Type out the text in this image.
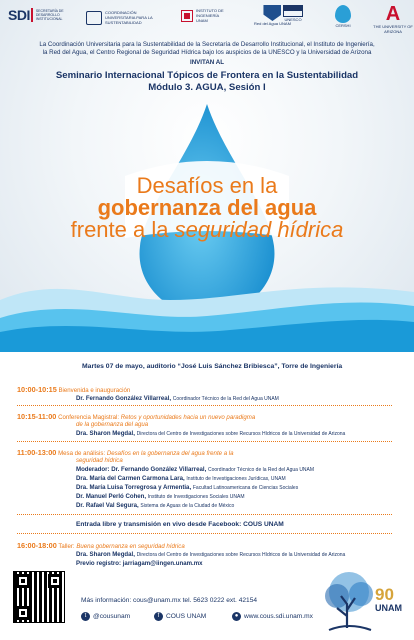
SDI SECRETARÍA DE DESARROLLO INSTITUCIONAL
COORDINACIÓN UNIVERSITARIA PARA LA SUSTENTABILIDAD
INSTITUTO DE INGENIERÍA UNAM
Red del Agua UNAM
UNESCO
CERSHI
A
THE UNIVERSITY OF ARIZONA
La Coordinación Universitaria para la Sustentabilidad de la Secretaría de Desarrollo Institucional, el Instituto de Ingeniería,
la Red del Agua, el Centro Regional de Seguridad Hídrica bajo los auspicios de la UNESCO y la Universidad de Arizona
INVITAN AL
Seminario Internacional Tópicos de Frontera en la Sustentabilidad
Módulo 3. AGUA, Sesión I
Desafíos en la
gobernanza del agua
frente a la seguridad hídrica
Martes 07 de mayo, auditorio “José Luis Sánchez Bribiesca”, Torre de Ingeniería
10:00-10:15 Bienvenida e inauguración
Dr. Fernando González Villarreal, Coordinador Técnico de la Red del Agua UNAM
10:15-11:00 Conferencia Magistral: Retos y oportunidades hacia un nuevo paradigma
de la gobernanza del agua
Dra. Sharon Megdal, Directora del Centro de Investigaciones sobre Recursos Hídricos de la Universidad de Arizona
11:00-13:00 Mesa de análisis: Desafíos en la gobernanza del agua frente a la
seguridad hídrica
Moderador: Dr. Fernando González Villarreal, Coordinador Técnico de la Red del Agua UNAM
Dra. María del Carmen Carmona Lara, Instituto de Investigaciones Jurídicas, UNAM
Dra. María Luisa Torregrosa y Armentia, Facultad Latinoamericana de Ciencias Sociales
Dr. Manuel Perló Cohen, Instituto de Investigaciones Sociales UNAM
Dr. Rafael Val Segura, Sistema de Aguas de la Ciudad de México
Entrada libre y transmisión en vivo desde Facebook: COUS UNAM
16:00-18:00 Taller: Buena gobernanza en seguridad hídrica
Dra. Sharon Megdal, Directora del Centro de Investigaciones sobre Recursos Hídricos de la Universidad de Arizona
Previo registro: jarriagam@iingen.unam.mx
Más información: cous@unam.mx tel. 5623 0222 ext. 42154
t	@cousunam	f	COUS UNAM	● www.cous.sdi.unam.mx
90
UNAM
